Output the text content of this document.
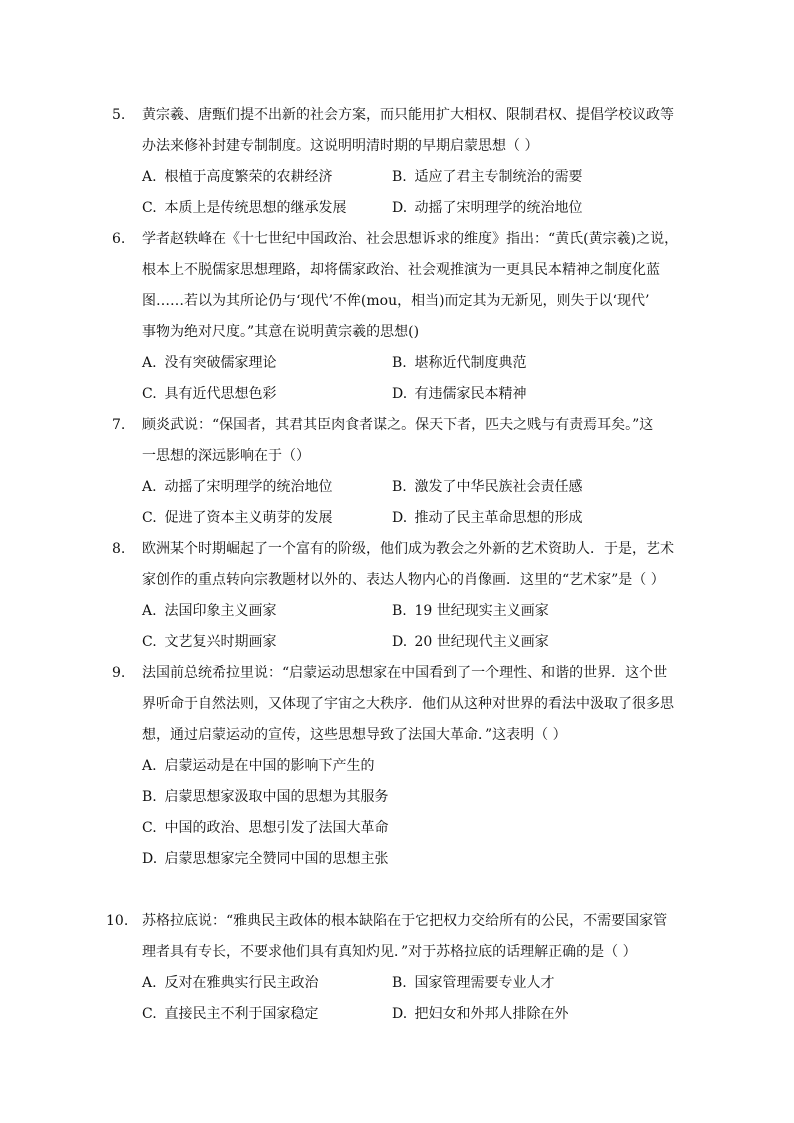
5. 黄宗羲、唐甄们提不出新的社会方案，而只能用扩大相权、限制君权、提倡学校议政等
办法来修补封建专制制度。这说明明清时期的早期启蒙思想（ ）
A. 根植于高度繁荣的农耕经济	B. 适应了君主专制统治的需要
C. 本质上是传统思想的继承发展	D. 动摇了宋明理学的统治地位
6. 学者赵轶峰在《十七世纪中国政治、社会思想诉求的维度》指出：“黄氏(黄宗羲)之说，
根本上不脱儒家思想理路，却将儒家政治、社会观推演为一更具民本精神之制度化蓝
图……若以为其所论仍与‘现代’不侔(mou，相当)而定其为无新见，则失于以‘现代’
事物为绝对尺度。”其意在说明黄宗羲的思想()
A. 没有突破儒家理论	B. 堪称近代制度典范
C. 具有近代思想色彩	D. 有违儒家民本精神
7. 顾炎武说：“保国者，其君其臣肉食者谋之。保天下者，匹夫之贱与有责焉耳矣。”这
一思想的深远影响在于（）
A. 动摇了宋明理学的统治地位	B. 激发了中华民族社会责任感
C. 促进了资本主义萌芽的发展	D. 推动了民主革命思想的形成
8. 欧洲某个时期崛起了一个富有的阶级，他们成为教会之外新的艺术资助人．于是，艺术
家创作的重点转向宗教题材以外的、表达人物内心的肖像画．这里的“艺术家”是（ ）
A. 法国印象主义画家	B. 19 世纪现实主义画家
C. 文艺复兴时期画家	D. 20 世纪现代主义画家
9. 法国前总统希拉里说：“启蒙运动思想家在中国看到了一个理性、和谐的世界．这个世
界听命于自然法则，又体现了宇宙之大秩序．他们从这种对世界的看法中汲取了很多思
想，通过启蒙运动的宣传，这些思想导致了法国大革命．”这表明（ ）
A. 启蒙运动是在中国的影响下产生的
B. 启蒙思想家汲取中国的思想为其服务
C. 中国的政治、思想引发了法国大革命
D. 启蒙思想家完全赞同中国的思想主张
10. 苏格拉底说：“雅典民主政体的根本缺陷在于它把权力交给所有的公民，不需要国家管
理者具有专长，不要求他们具有真知灼见．”对于苏格拉底的话理解正确的是（ ）
A. 反对在雅典实行民主政治	B. 国家管理需要专业人才
C. 直接民主不利于国家稳定	D. 把妇女和外邦人排除在外
